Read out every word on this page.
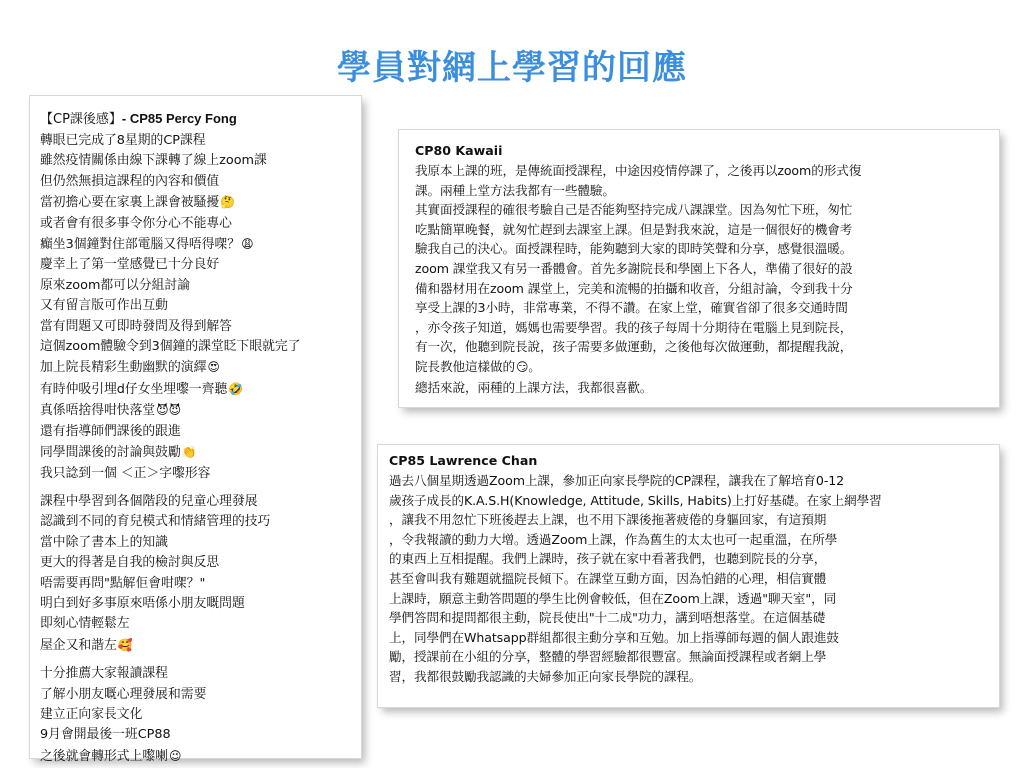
學員對網上學習的回應
【CP課後感】 - CP85 Percy Fong
轉眼已完成了8星期的CP課程
雖然疫情關係由線下課轉了線上zoom課
但仍然無損這課程的內容和價值
當初擔心要在家裏上課會被騷擾🤔
或者會有很多事令你分心不能專心
癲坐3個鐘對住部電腦又得唔得㗎？😩
慶幸上了第一堂感覺已十分良好
原來zoom都可以分組討論
又有留言版可作出互動
當有問題又可即時發問及得到解答
這個zoom體驗令到3個鐘的課堂眨下眼就完了
加上院長精彩生動幽默的演繹😍
有時仲吸引埋d仔女坐埋嚟一齊聽🤣
真係唔捨得咁快落堂😈😈
還有指導師們課後的跟進
同學間課後的討論與鼓勵👏
我只諗到一個 ＜正＞字嚟形容
課程中學習到各個階段的兒童心理發展
認識到不同的育兒模式和情緒管理的技巧
當中除了書本上的知識
更大的得著是自我的檢討與反思
唔需要再問"點解佢會咁㗎？"
明白到好多事原來唔係小朋友嘅問題
即刻心情輕鬆左
屋企又和諧左🥰
十分推薦大家報讀課程
了解小朋友嘅心理發展和需要
建立正向家長文化
9月會開最後一班CP88
之後就會轉形式上嚟喇😉
CP80 Kawaii
我原本上課的班，是傳統面授課程，中途因疫情停課了，之後再以zoom的形式復
課。兩種上堂方法我都有一些體驗。
其實面授課程的確很考驗自己是否能夠堅持完成八課課堂。因為匆忙下班，匆忙
吃點簡單晚餐，就匆忙趕到去課室上課。但是對我來說，這是一個很好的機會考
驗我自己的決心。面授課程時，能夠聽到大家的即時笑聲和分享，感覺很溫暖。
zoom 課堂我又有另一番體會。首先多謝院長和學園上下各人，準備了很好的設
備和器材用在zoom 課堂上，完美和流暢的拍攝和收音，分組討論，令到我十分
享受上課的3小時，非常專業，不得不讚。在家上堂，確實省卻了很多交通時間
，亦令孩子知道，媽媽也需要學習。我的孩子每周十分期待在電腦上見到院長，
有一次，他聽到院長說，孩子需要多做運動，之後他每次做運動，都提醒我說，
院長教他這樣做的😏。
總括來說，兩種的上課方法，我都很喜歡。
CP85 Lawrence Chan
過去八個星期透過Zoom上課，參加正向家長學院的CP課程，讓我在了解培育0-12
歲孩子成長的K.A.S.H(Knowledge, Attitude, Skills, Habits)上打好基礎。在家上網學習
，讓我不用忽忙下班後趕去上課，也不用下課後拖著疲倦的身軀回家，有這預期
，令我報讀的動力大增。透過Zoom上課，作為舊生的太太也可一起重溫，在所學
的東西上互相提醒。我們上課時，孩子就在家中看著我們，也聽到院長的分享，
甚至會叫我有難題就搵院長傾下。在課堂互動方面，因為怕錯的心理，相信實體
上課時，願意主動答問題的學生比例會較低，但在Zoom上課，透過"聊天室"，同
學們答問和提問都很主動，院長使出"十二成"功力，講到唔想落堂。在這個基礎
上，同學們在Whatsapp群組都很主動分享和互勉。加上指導師每週的個人跟進鼓
勵，授課前在小組的分享，整體的學習經驗都很豐富。無論面授課程或者網上學
習，我都很鼓勵我認識的夫婦參加正向家長學院的課程。
